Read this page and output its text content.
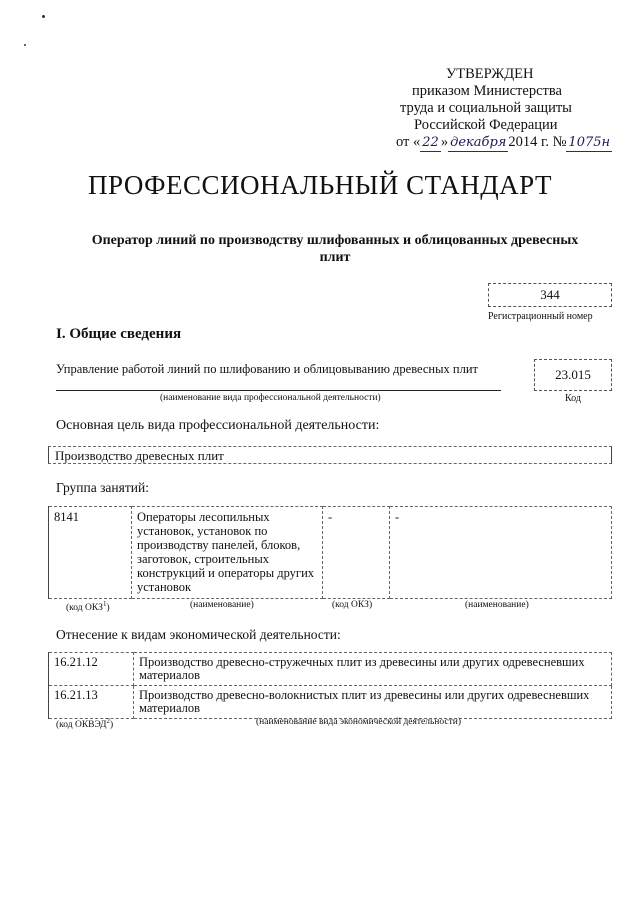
УТВЕРЖДЕН
приказом Министерства
труда и социальной защиты
Российской Федерации
от « 22 » декабря 2014 г. № 1075н
ПРОФЕССИОНАЛЬНЫЙ СТАНДАРТ
Оператор линий по производству шлифованных и облицованных древесных плит
344
Регистрационный номер
I. Общие сведения
Управление работой линий по шлифованию и облицовыванию древесных плит
(наименование вида профессиональной деятельности)
23.015
Код
Основная цель вида профессиональной деятельности:
Производство древесных плит
Группа занятий:
8141	Операторы лесопильных установок, установок по производству панелей, блоков, заготовок, строительных конструкций и операторы других установок	-	-
(код ОКЗ$^1$)	(наименование)	(код ОКЗ)	(наименование)
Отнесение к видам экономической деятельности:
16.21.12	Производство древесно-стружечных плит из древесины или других одревесневших материалов
16.21.13	Производство древесно-волокнистых плит из древесины или других одревесневших материалов
(код ОКВЭД$^2$)	(наименование вида экономической деятельности)
